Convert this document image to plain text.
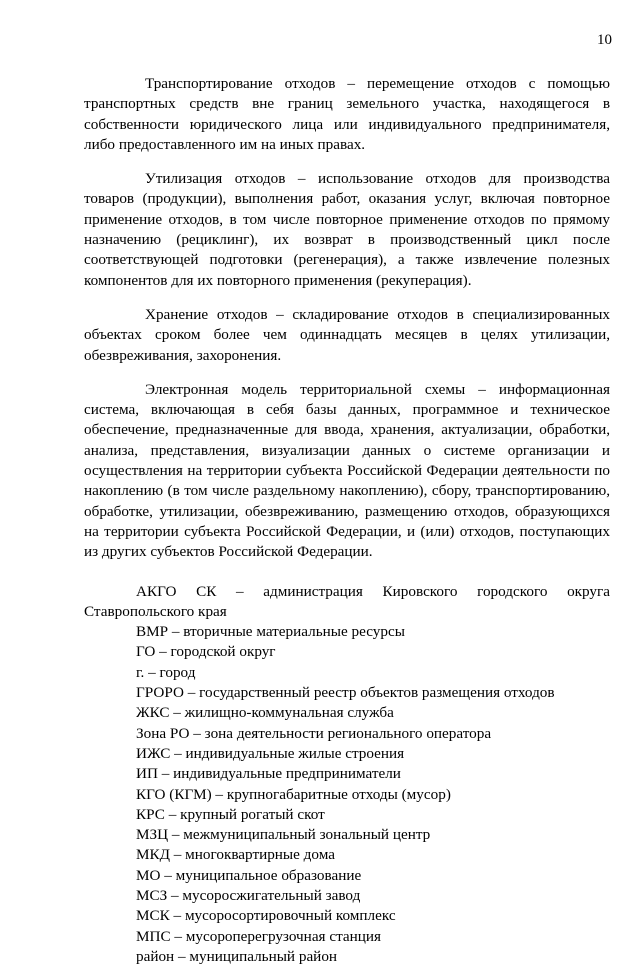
10

Транспортирование отходов – перемещение отходов с помощью транспортных средств вне границ земельного участка, находящегося в собственности юридического лица или индивидуального предпринимателя, либо предоставленного им на иных правах.

Утилизация отходов – использование отходов для производства товаров (продукции), выполнения работ, оказания услуг, включая повторное применение отходов, в том числе повторное применение отходов по прямому назначению (рециклинг), их возврат в производственный цикл после соответствующей подготовки (регенерация), а также извлечение полезных компонентов для их повторного применения (рекуперация).

Хранение отходов – складирование отходов в специализированных объектах сроком более чем одиннадцать месяцев в целях утилизации, обезвреживания, захоронения.

Электронная модель территориальной схемы – информационная система, включающая в себя базы данных, программное и техническое обеспечение, предназначенные для ввода, хранения, актуализации, обработки, анализа, представления, визуализации данных о системе организации и осуществления на территории субъекта Российской Федерации деятельности по накоплению (в том числе раздельному накоплению), сбору, транспортированию, обработке, утилизации, обезвреживанию, размещению отходов, образующихся на территории субъекта Российской Федерации, и (или) отходов, поступающих из других субъектов Российской Федерации.

АКГО СК – администрация Кировского городского округа Ставропольского края
ВМР – вторичные материальные ресурсы
ГО – городской округ
г. – город
ГРОРО – государственный реестр объектов размещения отходов
ЖКС – жилищно-коммунальная служба
Зона РО – зона деятельности регионального оператора
ИЖС – индивидуальные жилые строения
ИП – индивидуальные предприниматели
КГО (КГМ) – крупногабаритные отходы (мусор)
КРС – крупный рогатый скот
МЗЦ – межмуниципальный зональный центр
МКД – многоквартирные дома
МО – муниципальное образование
МСЗ – мусоросжигательный завод
МСК – мусоросортировочный комплекс
МПС – мусороперегрузочная станция
район – муниципальный район
